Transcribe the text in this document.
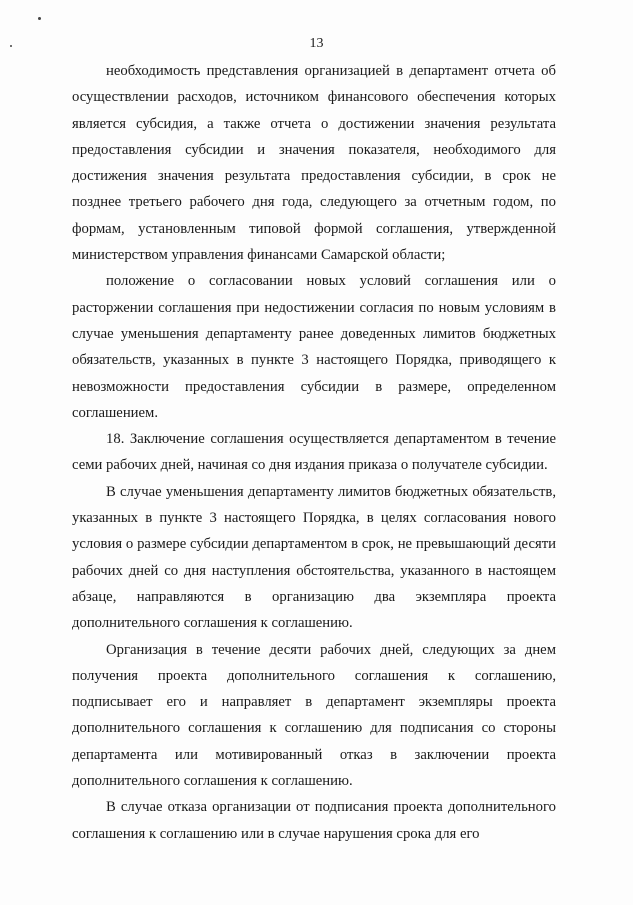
13

необходимость представления организацией в департамент отчета об осуществлении расходов, источником финансового обеспечения которых является субсидия, а также отчета о достижении значения результата предоставления субсидии и значения показателя, необходимого для достижения значения результата предоставления субсидии, в срок не позднее третьего рабочего дня года, следующего за отчетным годом, по формам, установленным типовой формой соглашения, утвержденной министерством управления финансами Самарской области;

положение о согласовании новых условий соглашения или о расторжении соглашения при недостижении согласия по новым условиям в случае уменьшения департаменту ранее доведенных лимитов бюджетных обязательств, указанных в пункте 3 настоящего Порядка, приводящего к невозможности предоставления субсидии в размере, определенном соглашением.

18. Заключение соглашения осуществляется департаментом в течение семи рабочих дней, начиная со дня издания приказа о получателе субсидии.

В случае уменьшения департаменту лимитов бюджетных обязательств, указанных в пункте 3 настоящего Порядка, в целях согласования нового условия о размере субсидии департаментом в срок, не превышающий десяти рабочих дней со дня наступления обстоятельства, указанного в настоящем абзаце, направляются в организацию два экземпляра проекта дополнительного соглашения к соглашению.

Организация в течение десяти рабочих дней, следующих за днем получения проекта дополнительного соглашения к соглашению, подписывает его и направляет в департамент экземпляры проекта дополнительного соглашения к соглашению для подписания со стороны департамента или мотивированный отказ в заключении проекта дополнительного соглашения к соглашению.

В случае отказа организации от подписания проекта дополнительного соглашения к соглашению или в случае нарушения срока для его
